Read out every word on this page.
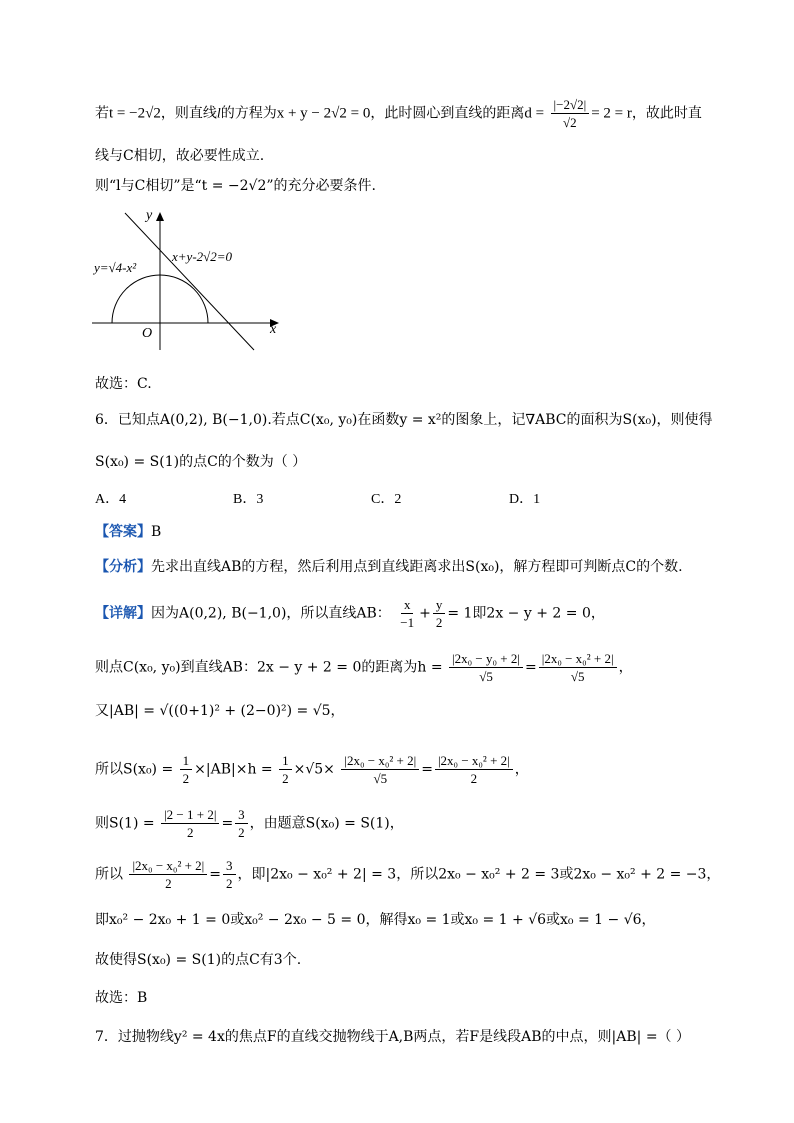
若t = −2√2，则直线l的方程为x + y − 2√2 = 0，此时圆心到直线的距离$d = \frac{|-2√2|}{√2} = 2 = r$，故此时直
线与C相切，故必要性成立.
则“l与C相切”是“t = −2√2”的充分必要条件.
y
x
O
y=√4-x²
x+y-2√2=0
故选：C.
6．已知点A(0,2), B(−1,0).若点C(x₀, y₀)在函数y = x²的图象上，记∇ABC的面积为S(x₀)，则使得
S(x₀) = S(1)的点C的个数为（ ）
A．4	B．3	C．2	D．1
【答案】B
【分析】先求出直线AB的方程，然后利用点到直线距离求出S(x₀)，解方程即可判断点C的个数.
【详解】因为A(0,2), B(−1,0)，所以直线AB： $\frac{x}{-1} + \frac{y}{2} = 1$即2x − y + 2 = 0，
则点C(x₀, y₀)到直线AB：2x − y + 2 = 0的距离为$h = \frac{\text{|2x₀ − y₀ + 2|}}{√5} = \frac{\text{|2x₀ − x₀² + 2|}}{√5}$ ，
又|AB| = √((0+1)² + (2−0)²) = √5，
所以$S(x_0) = \frac{1}{2} \times|AB|\times h = \frac{1}{2} \times√5\times \frac{\text{|2x₀ − x₀² + 2|}}{√5} = \frac{\text{|2x₀ − x₀² + 2|}}{2}$ ，
则$S(1) = \frac{|2 - 1 + 2|}{2} = \frac{3}{2}$ ，由题意S(x₀) = S(1)，
所以 $\frac{\text{|2x₀ − x₀² + 2|}}{2} = \frac{3}{2}$ ，即|2x₀ − x₀² + 2| = 3，所以2x₀ − x₀² + 2 = 3或2x₀ − x₀² + 2 = −3，
即x₀² − 2x₀ + 1 = 0或x₀² − 2x₀ − 5 = 0，解得x₀ = 1或x₀ = 1 + √6或x₀ = 1 − √6，
故使得S(x₀) = S(1)的点C有3个.
故选：B
7．过抛物线y² = 4x的焦点F的直线交抛物线于A,B两点，若F是线段AB的中点，则|AB| =（ ）
